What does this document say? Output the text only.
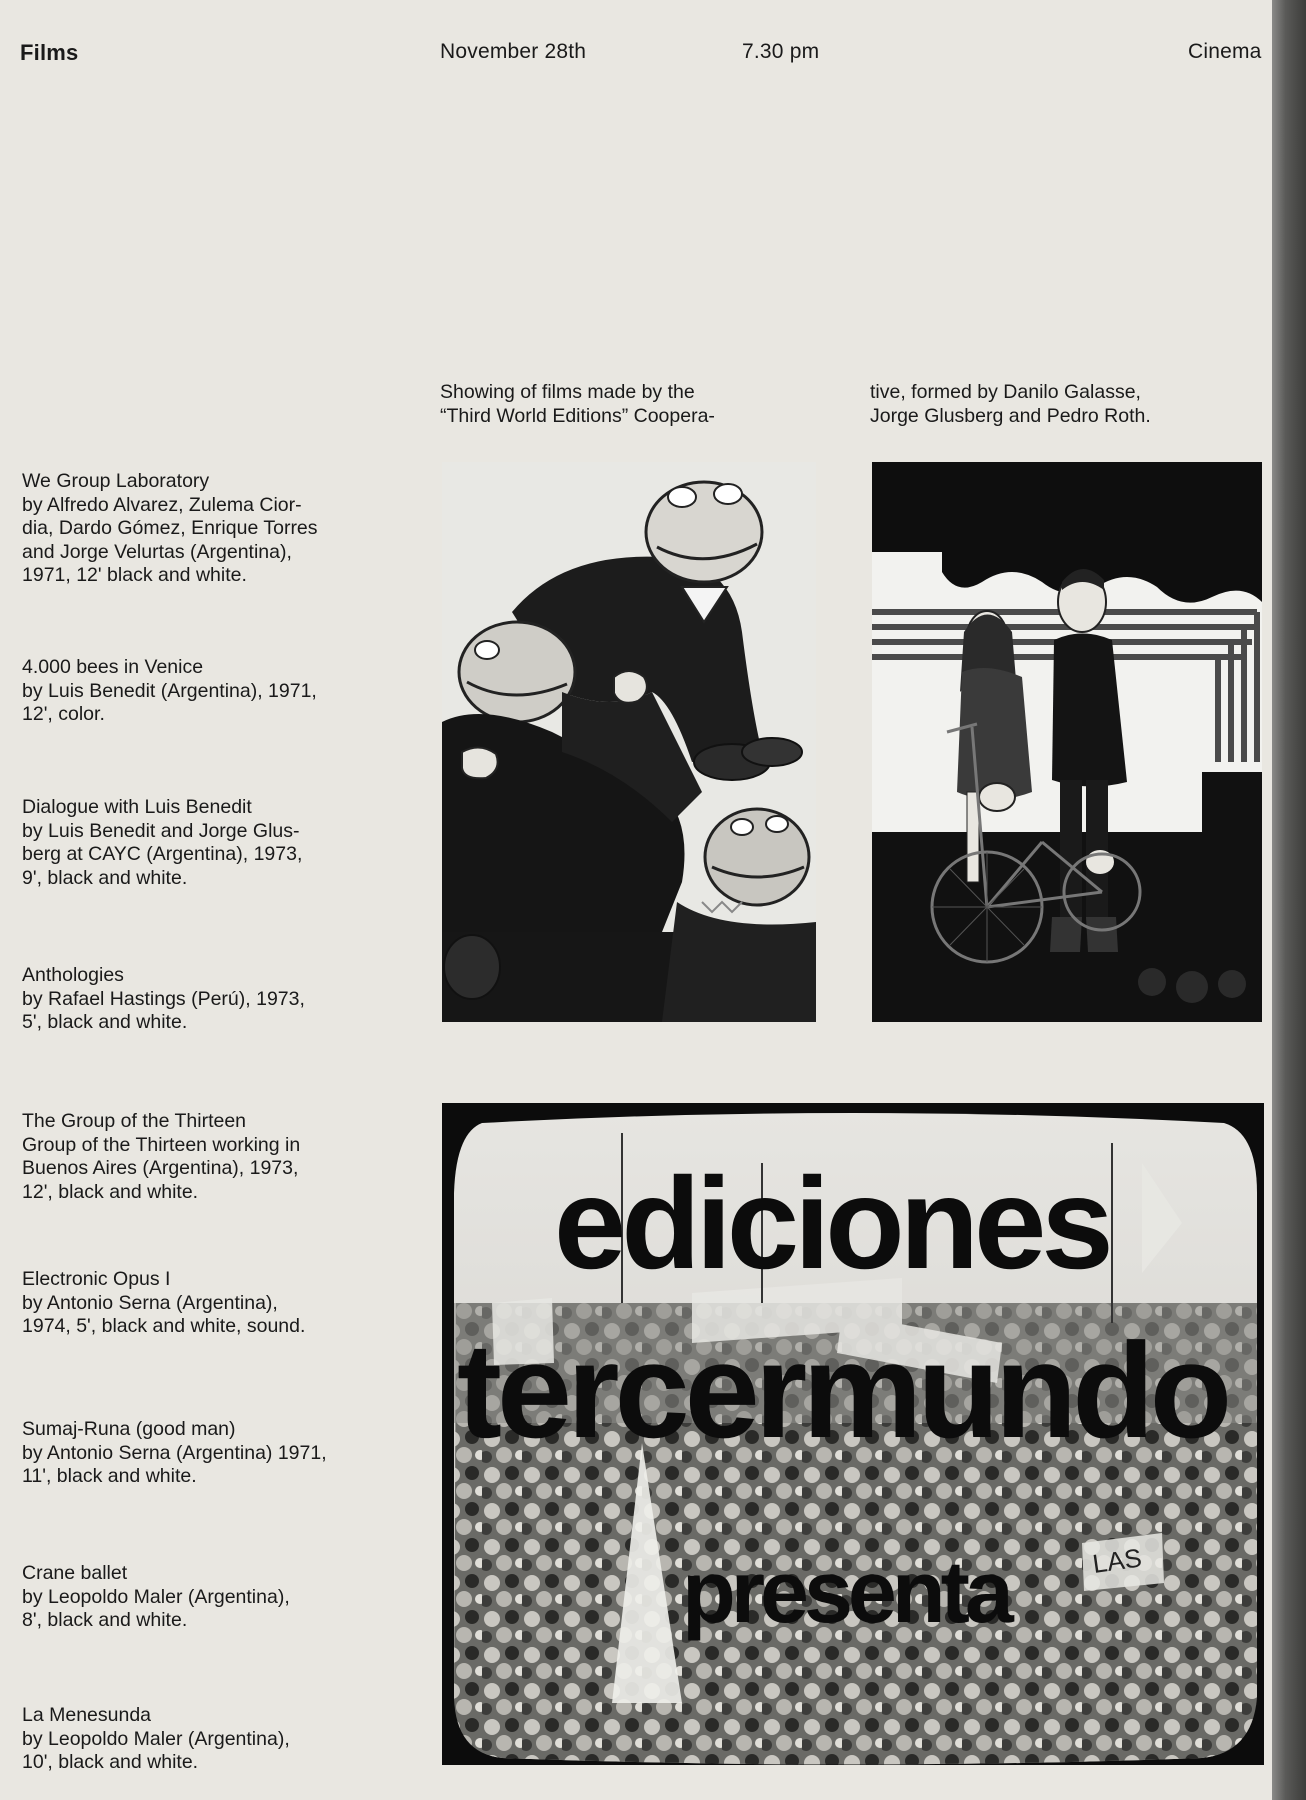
Films	November 28th	7.30 pm	Cinema
Showing of films made by the
“Third World Editions” Coopera-
tive, formed by Danilo Galasse,
Jorge Glusberg and Pedro Roth.
We Group Laboratory
by Alfredo Alvarez, Zulema Cior-
dia, Dardo Gómez, Enrique Torres
and Jorge Velurtas (Argentina),
1971, 12' black and white.
4.000 bees in Venice
by Luis Benedit (Argentina), 1971,
12', color.
Dialogue with Luis Benedit
by Luis Benedit and Jorge Glus-
berg at CAYC (Argentina), 1973,
9', black and white.
Anthologies
by Rafael Hastings (Perú), 1973,
5', black and white.
The Group of the Thirteen
Group of the Thirteen working in
Buenos Aires (Argentina), 1973,
12', black and white.
Electronic Opus I
by Antonio Serna (Argentina),
1974, 5', black and white, sound.
Sumaj-Runa (good man)
by Antonio Serna (Argentina) 1971,
11', black and white.
Crane ballet
by Leopoldo Maler (Argentina),
8', black and white.
La Menesunda
by Leopoldo Maler (Argentina),
10', black and white.
LAS
ediciones
tercermundo
presenta
